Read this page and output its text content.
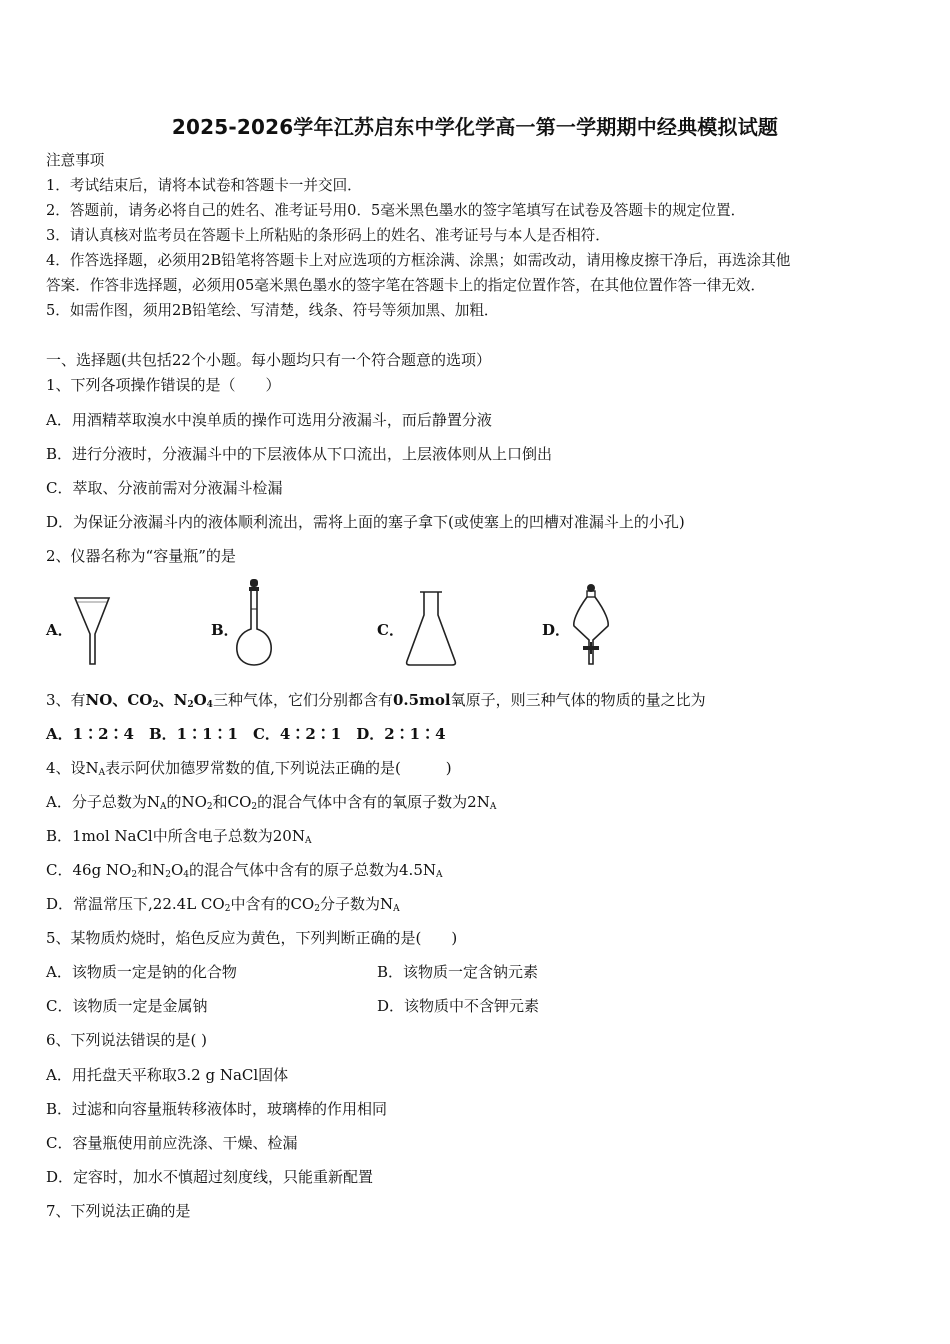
2025-2026学年江苏启东中学化学高一第一学期期中经典模拟试题
注意事项
1．考试结束后，请将本试卷和答题卡一并交回．
2．答题前，请务必将自己的姓名、准考证号用0．5毫米黑色墨水的签字笔填写在试卷及答题卡的规定位置．
3．请认真核对监考员在答题卡上所粘贴的条形码上的姓名、准考证号与本人是否相符．
4．作答选择题，必须用2B铅笔将答题卡上对应选项的方框涂满、涂黑；如需改动，请用橡皮擦干净后，再选涂其他
答案．作答非选择题，必须用05毫米黑色墨水的签字笔在答题卡上的指定位置作答，在其他位置作答一律无效．
5．如需作图，须用2B铅笔绘、写清楚，线条、符号等须加黑、加粗．
一、选择题(共包括22个小题。每小题均只有一个符合题意的选项）
1、下列各项操作错误的是（　　）
A．用酒精萃取溴水中溴单质的操作可选用分液漏斗，而后静置分液
B．进行分液时，分液漏斗中的下层液体从下口流出，上层液体则从上口倒出
C．萃取、分液前需对分液漏斗检漏
D．为保证分液漏斗内的液体顺利流出，需将上面的塞子拿下(或使塞上的凹槽对准漏斗上的小孔)
2、仪器名称为“容量瓶”的是
A．	B．	C．	D．
3、有NO、$CO_2$、$N_2O_4$三种气体，它们分别都含有0.5mol氧原子，则三种气体的物质的量之比为
A．1∶2∶4　B．1∶1∶1　C．4∶2∶1　D．2∶1∶4
4、设$N_A$表示阿伏加德罗常数的值,下列说法正确的是(　　　)
A．分子总数为$N_A$的$NO_2$和$CO_2$的混合气体中含有的氧原子数为$2N_A$
B．1mol NaCl中所含电子总数为$20N_A$
C．46g $NO_2$和$N_2O_4$的混合气体中含有的原子总数为$4.5N_A$
D．常温常压下,22.4L $CO_2$中含有的$CO_2$分子数为$N_A$
5、某物质灼烧时，焰色反应为黄色，下列判断正确的是(　　)
A．该物质一定是钠的化合物	B．该物质一定含钠元素
C．该物质一定是金属钠	D．该物质中不含钾元素
6、下列说法错误的是( )
A．用托盘天平称取3.2 g NaCl固体
B．过滤和向容量瓶转移液体时，玻璃棒的作用相同
C．容量瓶使用前应洗涤、干燥、检漏
D．定容时，加水不慎超过刻度线，只能重新配置
7、下列说法正确的是
